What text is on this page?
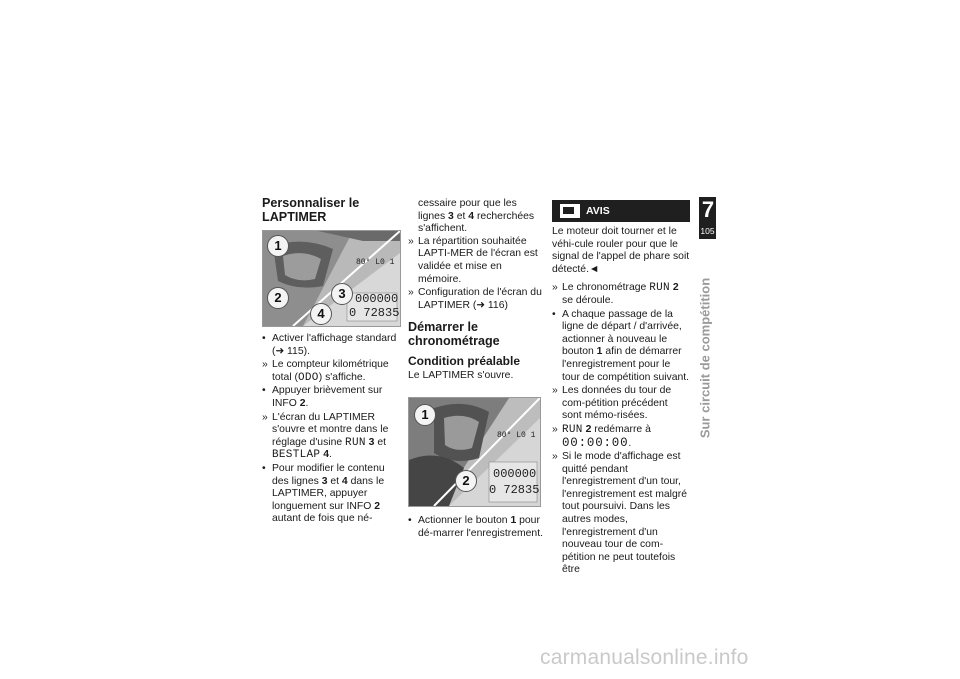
Personnaliser le LAPTIMER
80° L0 1
000000
0 72835
1
2	3
4
• Activer l'affichage standard (➜ 115).
» Le compteur kilométrique total (ODO) s'affiche.
• Appuyer brièvement sur INFO 2.
» L'écran du LAPTIMER s'ouvre et montre dans le réglage d'usine RUN 3 et BESTLAP 4.
• Pour modifier le contenu des lignes 3 et 4 dans le LAPTIMER, appuyer longuement sur INFO 2 autant de fois que né-

cessaire pour que les lignes 3 et 4 recherchées s'affichent.

» La répartition souhaitée LAPTI-MER de l'écran est validée et mise en mémoire.
» Configuration de l'écran du LAPTIMER (➜ 116)
Démarrer le chronométrage
Condition préalable

Le LAPTIMER s'ouvre.

80° L0 1
000000
0 72835
1
2
• Actionner le bouton 1 pour dé-marrer l'enregistrement.
AVIS

Le moteur doit tourner et le véhi-cule rouler pour que le signal de l'appel de phare soit détecté.◄

» Le chronométrage RUN 2 se déroule.
• A chaque passage de la ligne de départ / d'arrivée, actionner à nouveau le bouton 1 afin de démarrer l'enregistrement pour le tour de compétition suivant.
» Les données du tour de com-pétition précédent sont mémo-risées.
» RUN 2 redémarre à
00:00:00.
» Si le mode d'affichage est quitté pendant l'enregistrement d'un tour, l'enregistrement est malgré tout poursuivi. Dans les autres modes, l'enregistrement d'un nouveau tour de com-pétition ne peut toutefois être
7
105
Sur circuit de compétition
carmanualsonline.info
